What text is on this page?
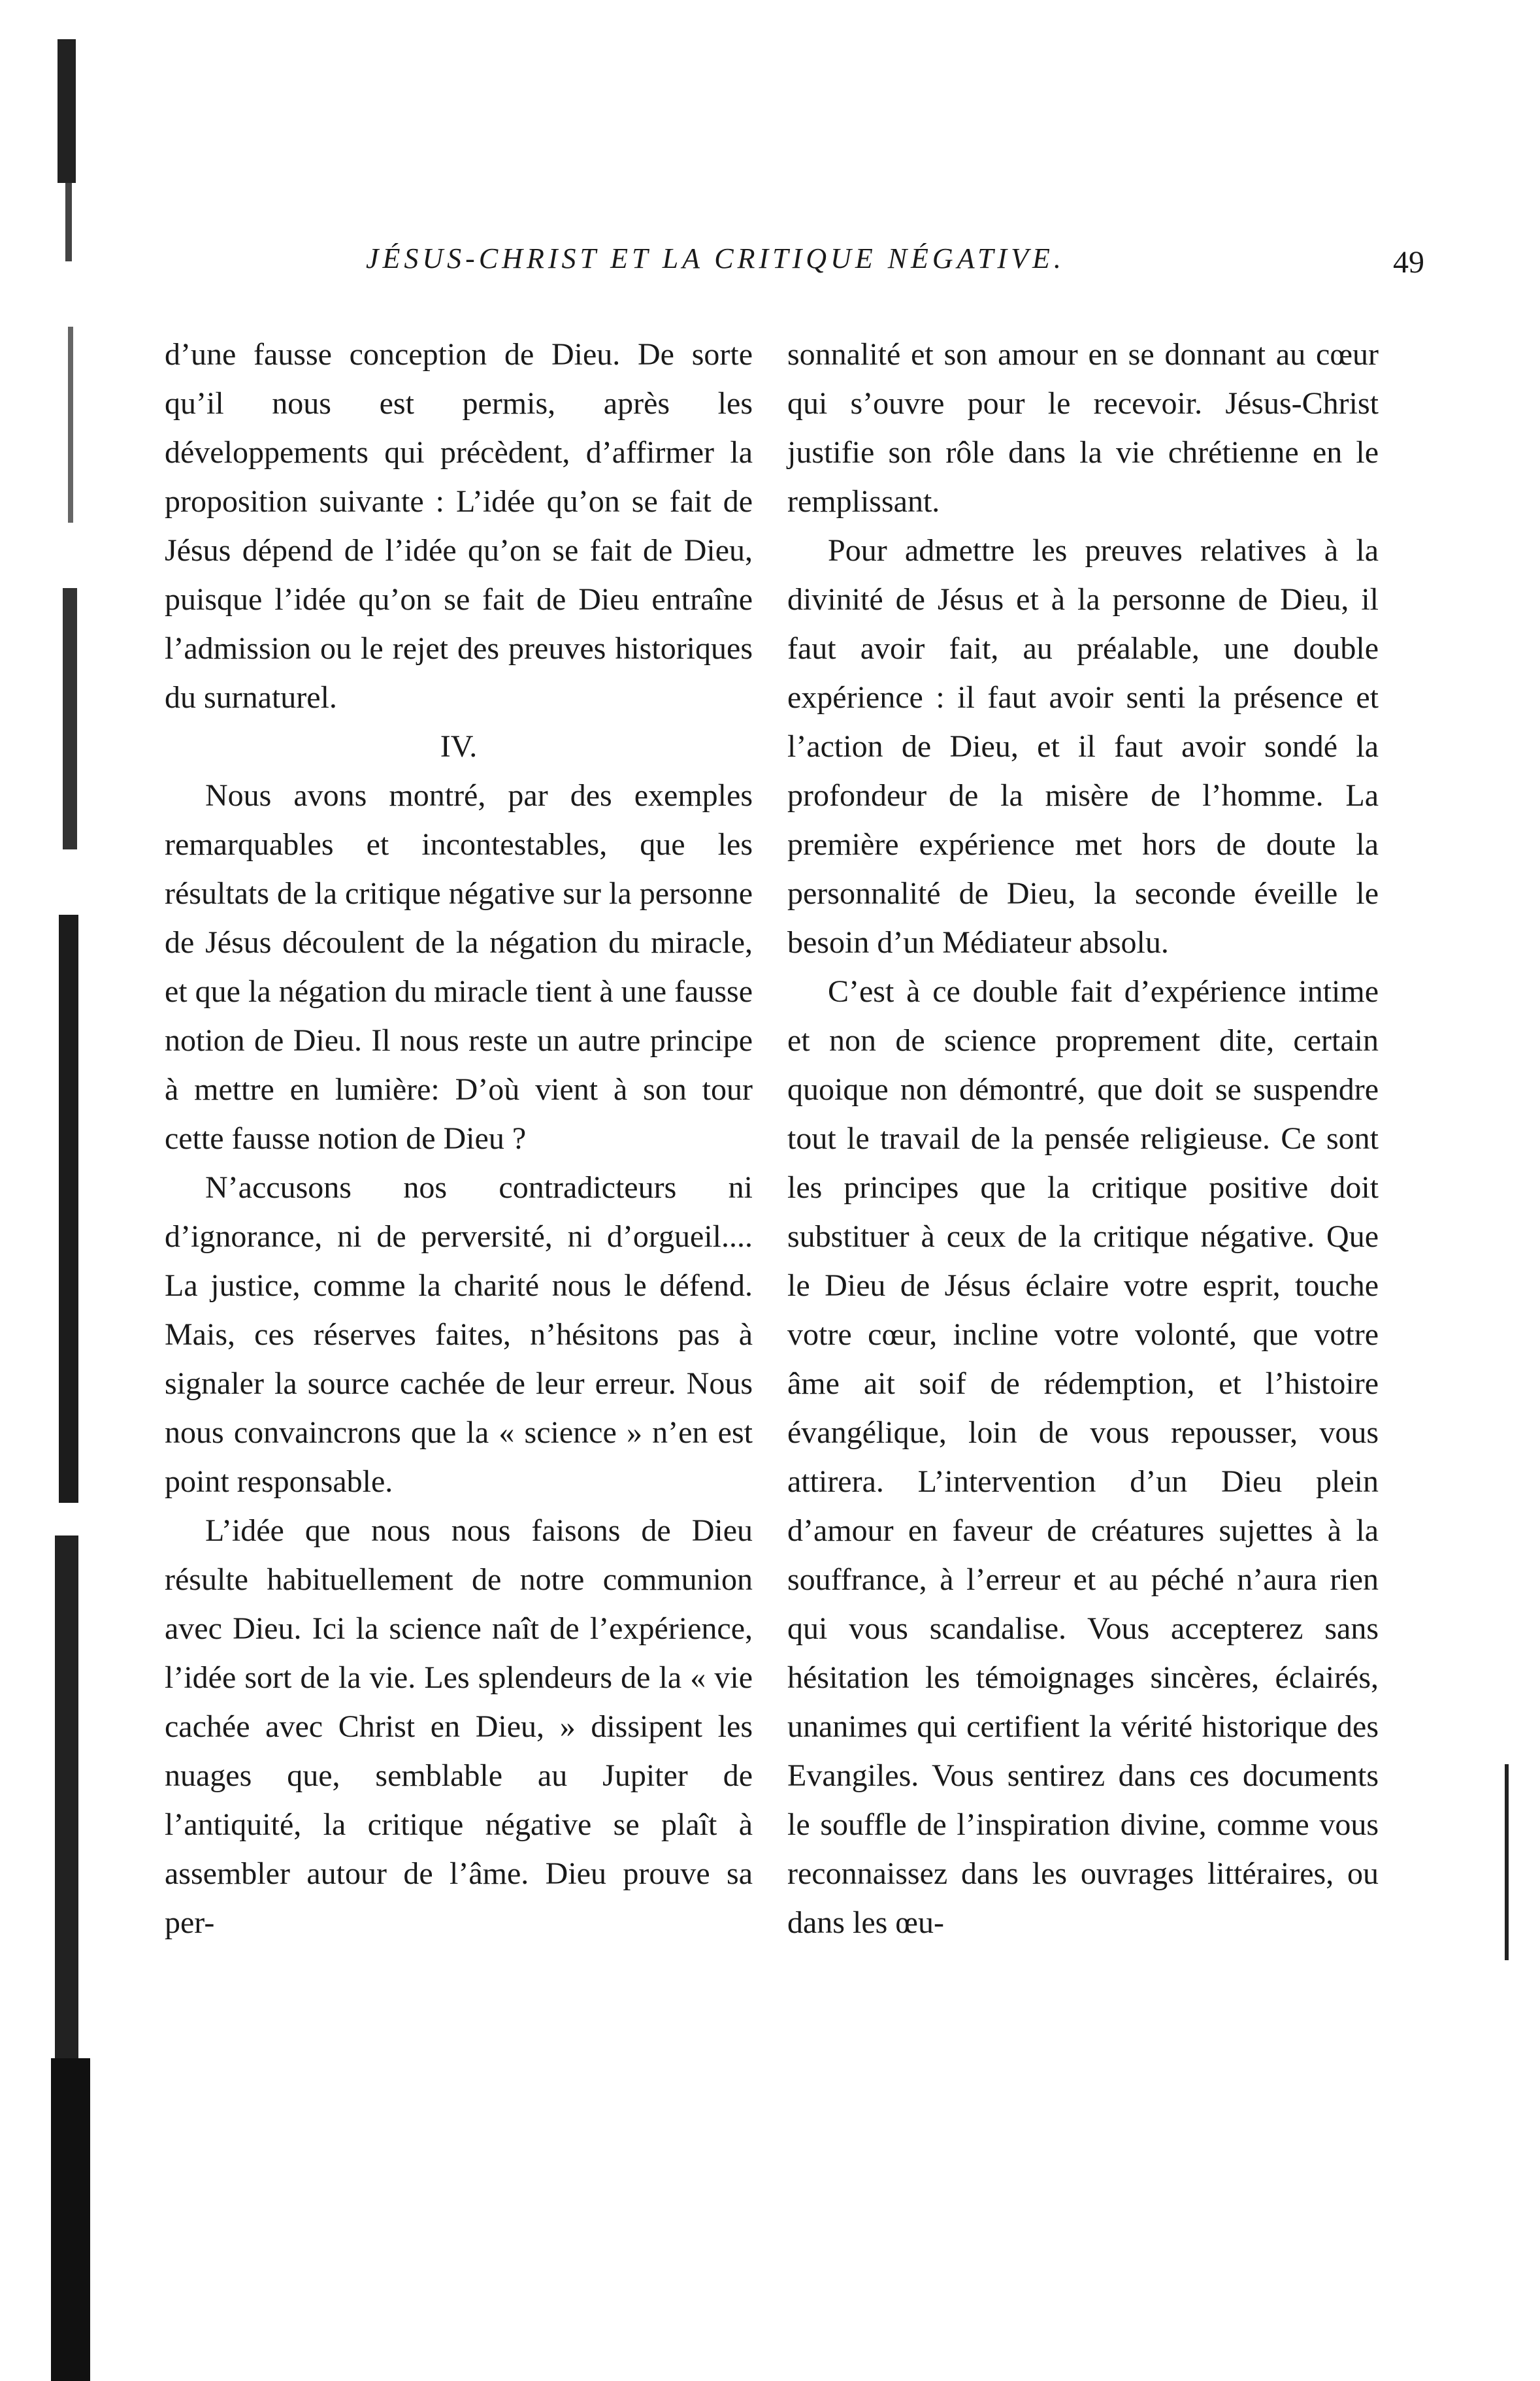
JÉSUS-CHRIST ET LA CRITIQUE NÉGATIVE.	49

d’une fausse conception de Dieu. De sorte qu’il nous est permis, après les développements qui précèdent, d’affirmer la proposition suivante : L’idée qu’on se fait de Jésus dépend de l’idée qu’on se fait de Dieu, puisque l’idée qu’on se fait de Dieu entraîne l’admission ou le rejet des preuves historiques du surnaturel.

IV.

Nous avons montré, par des exemples remarquables et incontestables, que les résultats de la critique négative sur la personne de Jésus découlent de la négation du miracle, et que la négation du miracle tient à une fausse notion de Dieu. Il nous reste un autre principe à mettre en lumière: D’où vient à son tour cette fausse notion de Dieu ?

N’accusons nos contradicteurs ni d’ignorance, ni de perversité, ni d’orgueil.... La justice, comme la charité nous le défend. Mais, ces réserves faites, n’hésitons pas à signaler la source cachée de leur erreur. Nous nous convaincrons que la « science » n’en est point responsable.

L’idée que nous nous faisons de Dieu résulte habituellement de notre communion avec Dieu. Ici la science naît de l’expérience, l’idée sort de la vie. Les splendeurs de la « vie cachée avec Christ en Dieu, » dissipent les nuages que, semblable au Jupiter de l’antiquité, la critique négative se plaît à assembler autour de l’âme. Dieu prouve sa per-

sonnalité et son amour en se donnant au cœur qui s’ouvre pour le recevoir. Jésus-Christ justifie son rôle dans la vie chrétienne en le remplissant.

Pour admettre les preuves relatives à la divinité de Jésus et à la personne de Dieu, il faut avoir fait, au préalable, une double expérience : il faut avoir senti la présence et l’action de Dieu, et il faut avoir sondé la profondeur de la misère de l’homme. La première expérience met hors de doute la personnalité de Dieu, la seconde éveille le besoin d’un Médiateur absolu.

C’est à ce double fait d’expérience intime et non de science proprement dite, certain quoique non démontré, que doit se suspendre tout le travail de la pensée religieuse. Ce sont les principes que la critique positive doit substituer à ceux de la critique négative. Que le Dieu de Jésus éclaire votre esprit, touche votre cœur, incline votre volonté, que votre âme ait soif de rédemption, et l’histoire évangélique, loin de vous repousser, vous attirera. L’intervention d’un Dieu plein d’amour en faveur de créatures sujettes à la souffrance, à l’erreur et au péché n’aura rien qui vous scandalise. Vous accepterez sans hésitation les témoignages sincères, éclairés, unanimes qui certifient la vérité historique des Evangiles. Vous sentirez dans ces documents le souffle de l’inspiration divine, comme vous reconnaissez dans les ouvrages littéraires, ou dans les œu-
